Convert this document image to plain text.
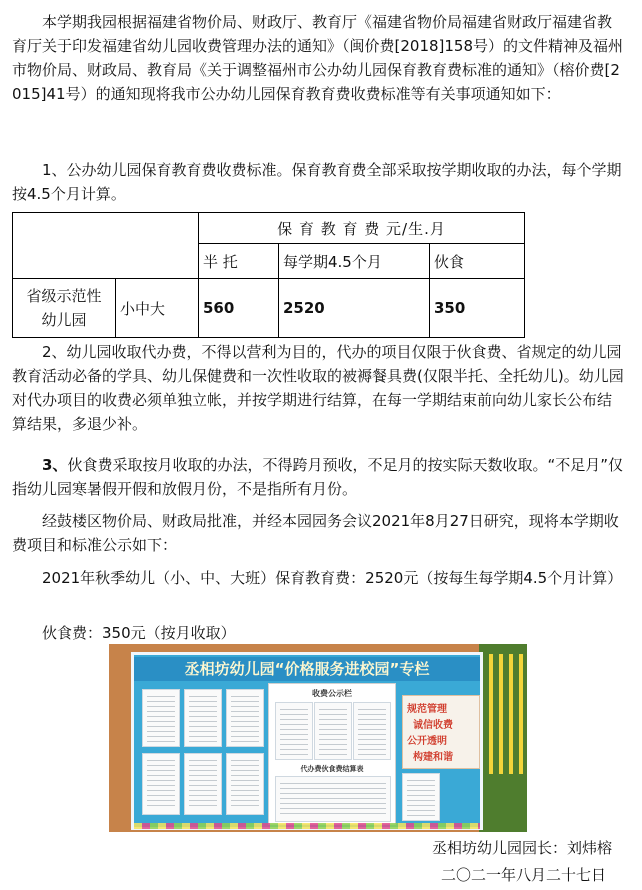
本学期我园根据福建省物价局、财政厅、教育厅《福建省物价局福建省财政厅福建省教育厅关于印发福建省幼儿园收费管理办法的通知》（闽价费[2018]158号）的文件精神及福州市物价局、财政局、教育局《关于调整福州市公办幼儿园保育教育费标准的通知》（榕价费[2015]41号）的通知现将我市公办幼儿园保育教育费收费标准等有关事项通知如下：

1、公办幼儿园保育教育费收费标准。保育教育费全部采取按学期收取的办法，每个学期按4.5个月计算。

		保 育 教 育 费 元/生.月		
		半 托	每学期4.5个月	伙食
省级示范性
幼儿园	小中大	560	2520	350

2、幼儿园收取代办费，不得以营利为目的，代办的项目仅限于伙食费、省规定的幼儿园教育活动必备的学具、幼儿保健费和一次性收取的被褥餐具费(仅限半托、全托幼儿)。幼儿园对代办项目的收费必须单独立帐，并按学期进行结算，在每一学期结束前向幼儿家长公布结算结果，多退少补。

3、伙食费采取按月收取的办法，不得跨月预收，不足月的按实际天数收取。“不足月”仅指幼儿园寒暑假开假和放假月份，不是指所有月份。

经鼓楼区物价局、财政局批准，并经本园园务会议2021年8月27日研究，现将本学期收费项目和标准公示如下：

2021年秋季幼儿（小、中、大班）保育教育费：2520元（按每生每学期4.5个月计算）

伙食费：350元（按月收取）

丞相坊幼儿园“价格服务进校园”专栏
收费公示栏
代办费伙食费结算表
规范管理
诚信收费
公开透明
构建和谐
丞相坊幼儿园园长：刘炜榕
二〇二一年八月二十七日
